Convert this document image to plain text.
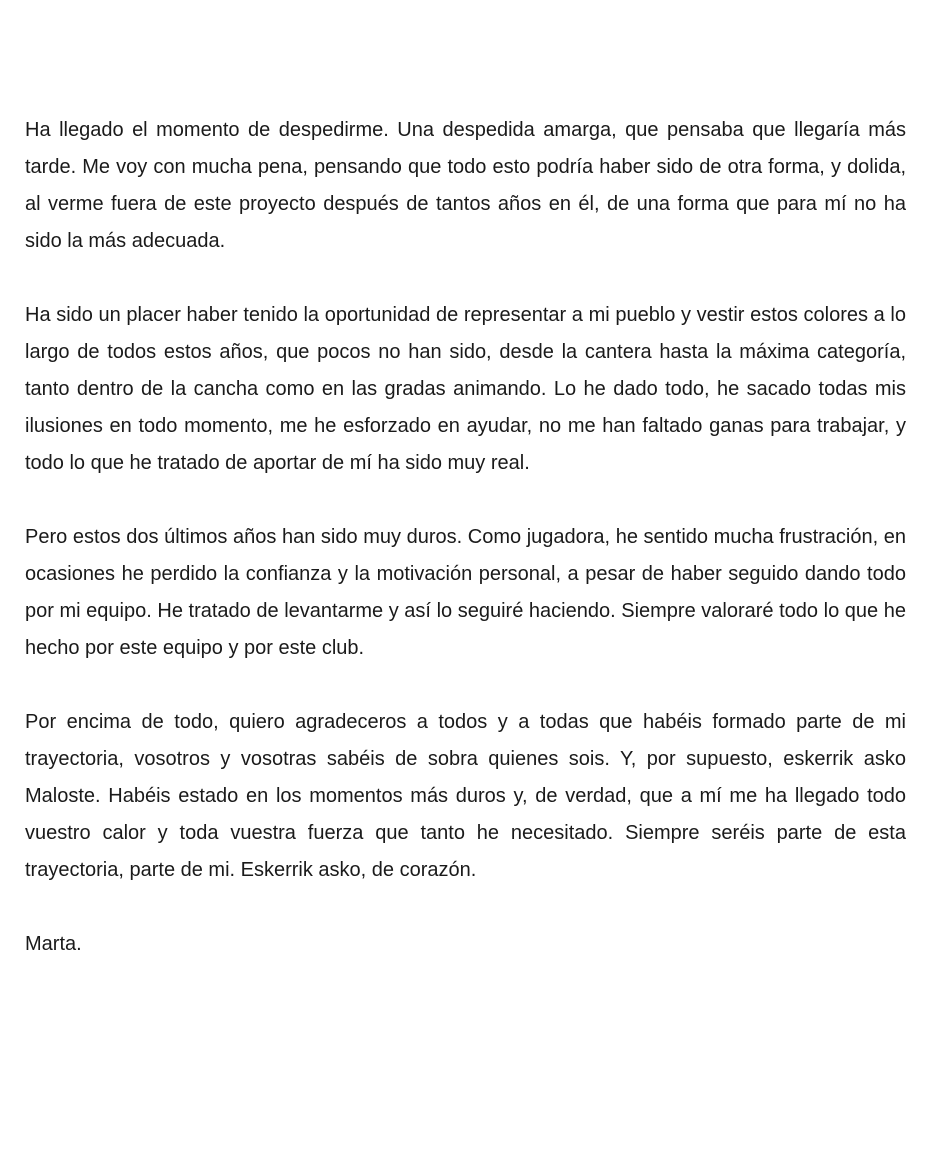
Ha llegado el momento de despedirme. Una despedida amarga, que pensaba que llegaría más tarde. Me voy con mucha pena, pensando que todo esto podría haber sido de otra forma, y dolida, al verme fuera de este proyecto después de tantos años en él, de una forma que para mí no ha sido la más adecuada.

Ha sido un placer haber tenido la oportunidad de representar a mi pueblo y vestir estos colores a lo largo de todos estos años, que pocos no han sido, desde la cantera hasta la máxima categoría, tanto dentro de la cancha como en las gradas animando. Lo he dado todo, he sacado todas mis ilusiones en todo momento, me he esforzado en ayudar, no me han faltado ganas para trabajar, y todo lo que he tratado de aportar de mí ha sido muy real.

Pero estos dos últimos años han sido muy duros. Como jugadora, he sentido mucha frustración, en ocasiones he perdido la confianza y la motivación personal, a pesar de haber seguido dando todo por mi equipo. He tratado de levantarme y así lo seguiré haciendo. Siempre valoraré todo lo que he hecho por este equipo y por este club.

Por encima de todo, quiero agradeceros a todos y a todas que habéis formado parte de mi trayectoria, vosotros y vosotras sabéis de sobra quienes sois. Y, por supuesto, eskerrik asko Maloste. Habéis estado en los momentos más duros y, de verdad, que a mí me ha llegado todo vuestro calor y toda vuestra fuerza que tanto he necesitado. Siempre seréis parte de esta trayectoria, parte de mi. Eskerrik asko, de corazón.

Marta.
